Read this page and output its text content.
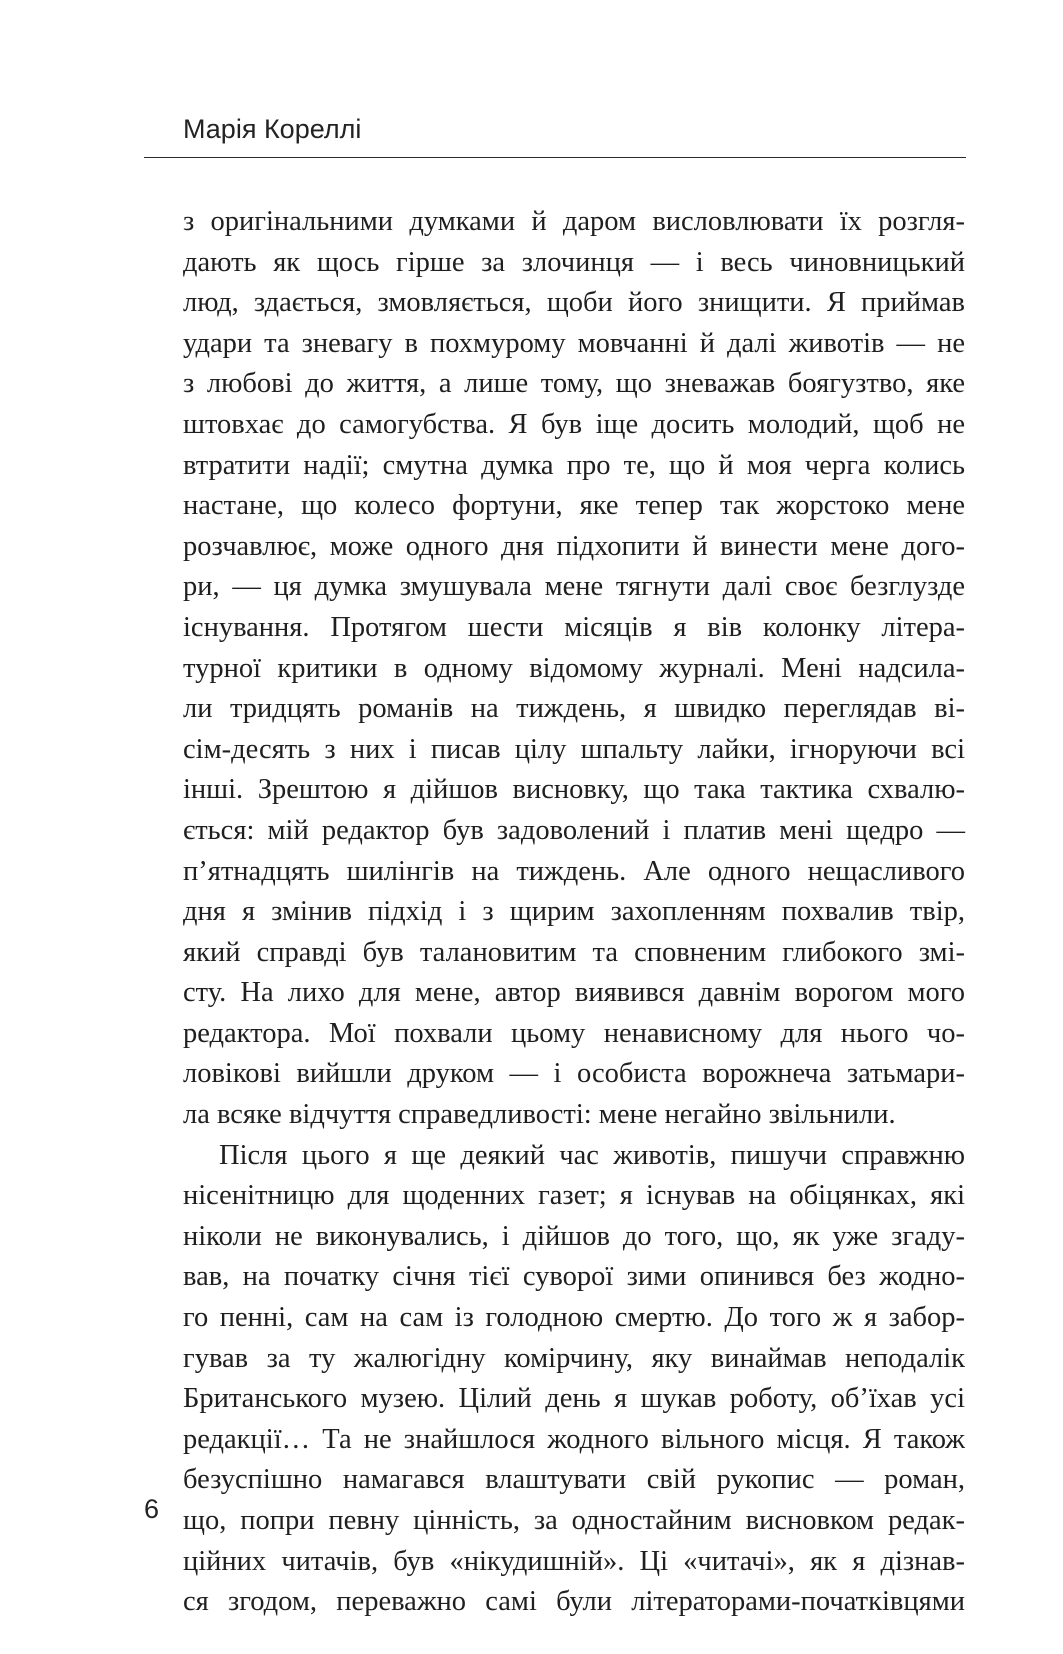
Марія Кореллі
з оригінальними думками й даром висловлювати їх розгля-
дають як щось гірше за злочинця — і весь чиновницький
люд, здається, змовляється, щоби його знищити. Я приймав
удари та зневагу в похмурому мовчанні й далі животів — не
з любові до життя, а лише тому, що зневажав боягузтво, яке
штовхає до самогубства. Я був іще досить молодий, щоб не
втратити надії; смутна думка про те, що й моя черга колись
настане, що колесо фортуни, яке тепер так жорстоко мене
розчавлює, може одного дня підхопити й винести мене дого-
ри, — ця думка змушувала мене тягнути далі своє безглузде
існування. Протягом шести місяців я вів колонку літера-
турної критики в одному відомому журналі. Мені надсила-
ли тридцять романів на тиждень, я швидко переглядав ві-
сім-десять з них і писав цілу шпальту лайки, ігноруючи всі
інші. Зрештою я дійшов висновку, що така тактика схвалю-
ється: мій редактор був задоволений і платив мені щедро —
п’ятнадцять шилінгів на тиждень. Але одного нещасливого
дня я змінив підхід і з щирим захопленням похвалив твір,
який справді був талановитим та сповненим глибокого змі-
сту. На лихо для мене, автор виявився давнім ворогом мого
редактора. Мої похвали цьому ненависному для нього чо-
ловікові вийшли друком — і особиста ворожнеча затьмари-
ла всяке відчуття справедливості: мене негайно звільнили.
Після цього я ще деякий час животів, пишучи справжню
нісенітницю для щоденних газет; я існував на обіцянках, які
ніколи не виконувались, і дійшов до того, що, як уже згаду-
вав, на початку січня тієї суворої зими опинився без жодно-
го пенні, сам на сам із голодною смертю. До того ж я забор-
гував за ту жалюгідну комірчину, яку винаймав неподалік
Британського музею. Цілий день я шукав роботу, об’їхав усі
редакції… Та не знайшлося жодного вільного місця. Я також
безуспішно намагався влаштувати свій рукопис — роман,
що, попри певну цінність, за одностайним висновком редак-
ційних читачів, був «нікудишній». Ці «читачі», як я дізнав-
ся згодом, переважно самі були літераторами-початківцями
6
